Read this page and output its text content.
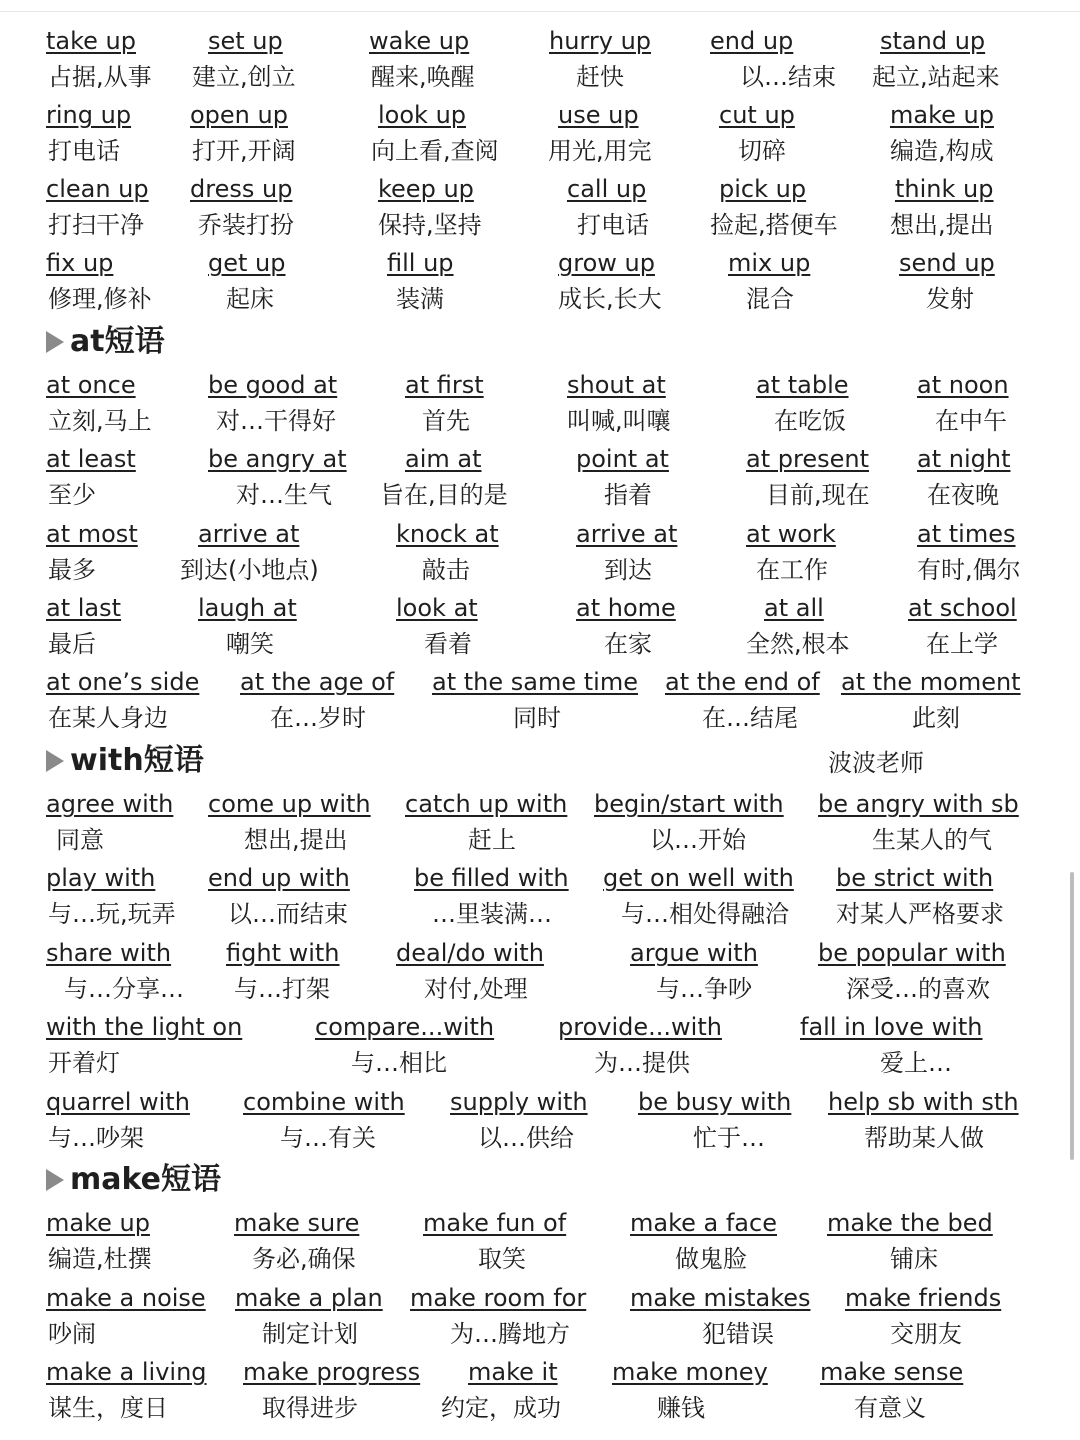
at短语
with短语	波波老师
make短语
take up
占据,从事
set up
建立,创立
wake up
醒来,唤醒
hurry up
赶快
end up
以…结束
stand up
起立,站起来
ring up
打电话
open up
打开,开阔
look up
向上看,查阅
use up
用光,用完
cut up
切碎
make up
编造,构成
clean up
打扫干净
dress up
乔装打扮
keep up
保持,坚持
call up
打电话
pick up
捡起,搭便车
think up
想出,提出
fix up
修理,修补
get up
起床
fill up
装满
grow up
成长,长大
mix up
混合
send up
发射
at once
立刻,马上
be good at
对…干得好
at first
首先
shout at
叫喊,叫嚷
at table
在吃饭
at noon
在中午
at least
至少
be angry at
对…生气
aim at
旨在,目的是
point at
指着
at present
目前,现在
at night
在夜晚
at most
最多
arrive at
到达(小地点)
knock at
敲击
arrive at
到达
at work
在工作
at times
有时,偶尔
at last
最后
laugh at
嘲笑
look at
看着
at home
在家
at all
全然,根本
at school
在上学
at one’s side
在某人身边
at the age of
在…岁时
at the same time
同时
at the end of
在…结尾
at the moment
此刻
agree with
同意
come up with
想出,提出
catch up with
赶上
begin/start with
以…开始
be angry with sb
生某人的气
play with
与…玩,玩弄
end up with
以…而结束
be filled with
…里装满…
get on well with
与…相处得融洽
be strict with
对某人严格要求
share with
与…分享…
fight with
与…打架
deal/do with
对付,处理
argue with
与…争吵
be popular with
深受…的喜欢
with the light on
开着灯
compare...with
与…相比
provide...with
为…提供
fall in love with
爱上…
quarrel with
与…吵架
combine with
与…有关
supply with
以…供给
be busy with
忙于…
help sb with sth
帮助某人做
make up
编造,杜撰
make sure
务必,确保
make fun of
取笑
make a face
做鬼脸
make the bed
铺床
make a noise
吵闹
make a plan
制定计划
make room for
为…腾地方
make mistakes
犯错误
make friends
交朋友
make a living
谋生，度日
make progress
取得进步
make it
约定，成功
make money
赚钱
make sense
有意义
